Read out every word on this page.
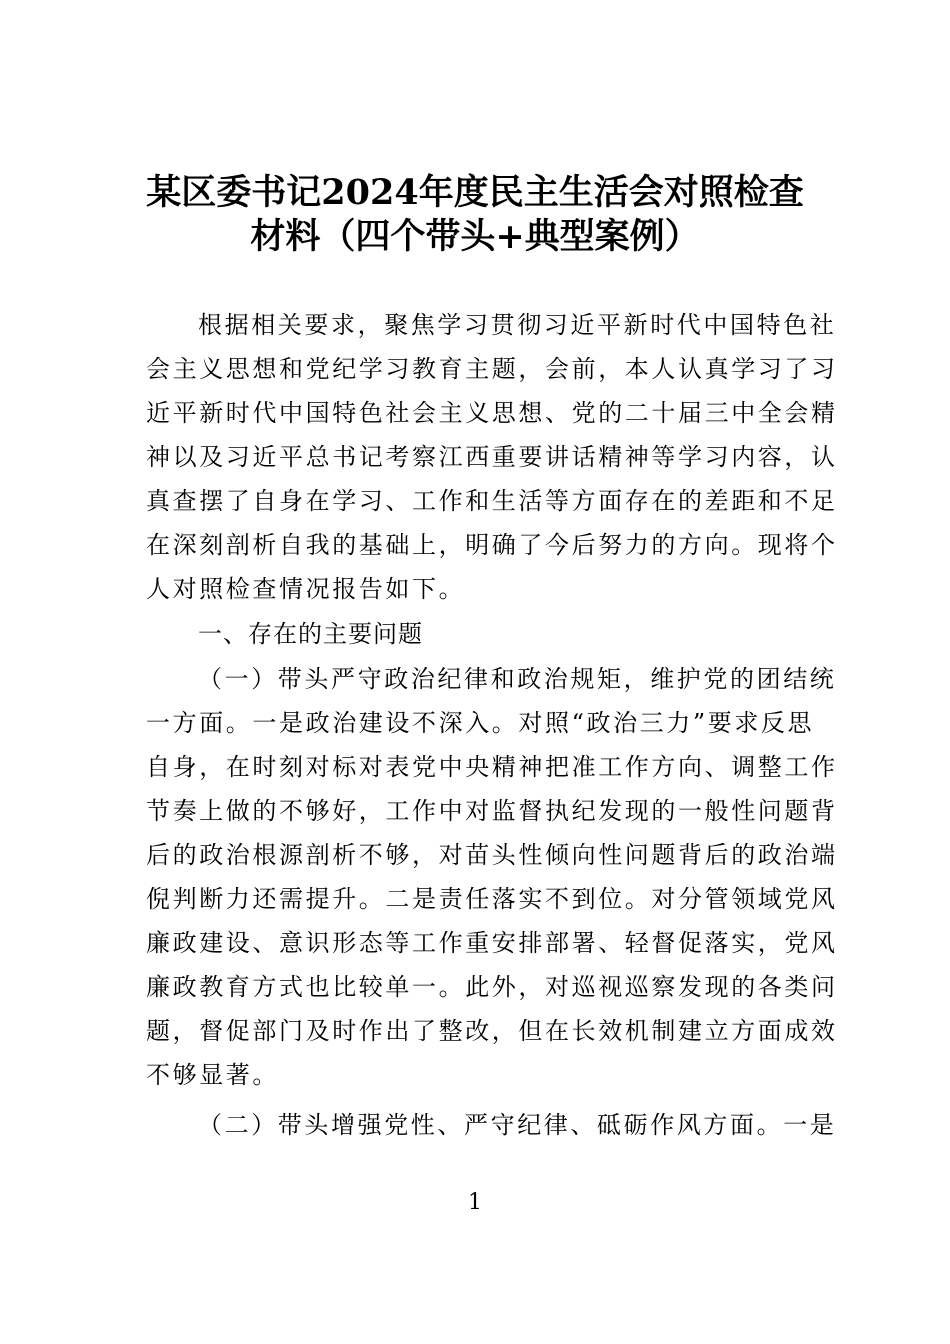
某区委书记2024年度民主生活会对照检查
材料（四个带头+典型案例）
根据相关要求，聚焦学习贯彻习近平新时代中国特色社
会主义思想和党纪学习教育主题，会前，本人认真学习了习
近平新时代中国特色社会主义思想、党的二十届三中全会精
神以及习近平总书记考察江西重要讲话精神等学习内容，认
真查摆了自身在学习、工作和生活等方面存在的差距和不足
在深刻剖析自我的基础上，明确了今后努力的方向。现将个
人对照检查情况报告如下。
一、存在的主要问题
（一）带头严守政治纪律和政治规矩，维护党的团结统
一方面。一是政治建设不深入。对照“政治三力”要求反思
自身，在时刻对标对表党中央精神把准工作方向、调整工作
节奏上做的不够好，工作中对监督执纪发现的一般性问题背
后的政治根源剖析不够，对苗头性倾向性问题背后的政治端
倪判断力还需提升。二是责任落实不到位。对分管领域党风
廉政建设、意识形态等工作重安排部署、轻督促落实，党风
廉政教育方式也比较单一。此外，对巡视巡察发现的各类问
题，督促部门及时作出了整改，但在长效机制建立方面成效
不够显著。
（二）带头增强党性、严守纪律、砥砺作风方面。一是
1
